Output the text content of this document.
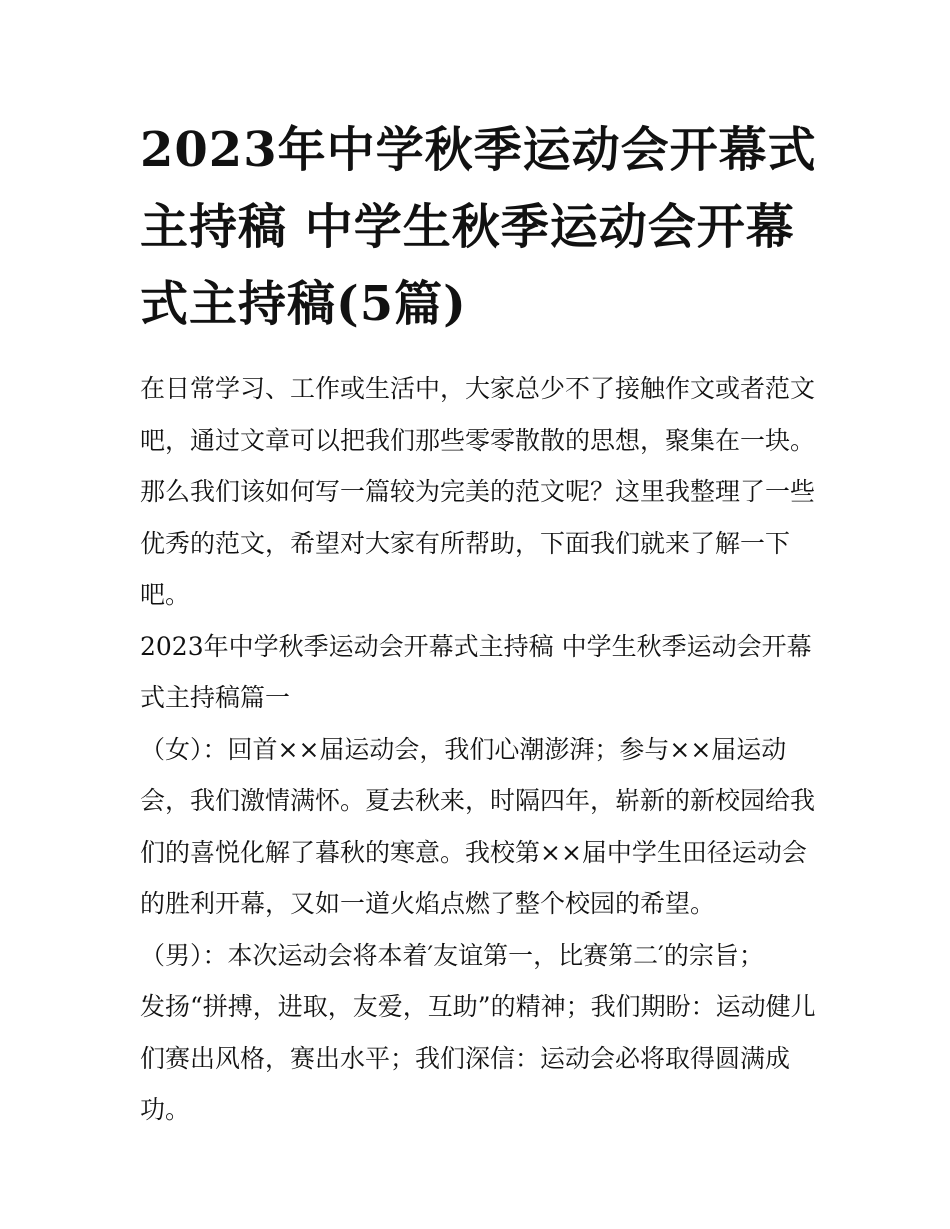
2023年中学秋季运动会开幕式
主持稿 中学生秋季运动会开幕
式主持稿(5篇)

在日常学习、工作或生活中，大家总少不了接触作文或者范文
吧，通过文章可以把我们那些零零散散的思想，聚集在一块。
那么我们该如何写一篇较为完美的范文呢？这里我整理了一些
优秀的范文，希望对大家有所帮助，下面我们就来了解一下
吧。

2023年中学秋季运动会开幕式主持稿 中学生秋季运动会开幕
式主持稿篇一

（女）：回首××届运动会，我们心潮澎湃；参与××届运动
会，我们激情满怀。夏去秋来，时隔四年，崭新的新校园给我
们的喜悦化解了暮秋的寒意。我校第××届中学生田径运动会
的胜利开幕，又如一道火焰点燃了整个校园的希望。

（男）：本次运动会将本着′友谊第一，比赛第二′的宗旨；
发扬“拼搏，进取，友爱，互助”的精神；我们期盼：运动健儿
们赛出风格，赛出水平；我们深信：运动会必将取得圆满成
功。
